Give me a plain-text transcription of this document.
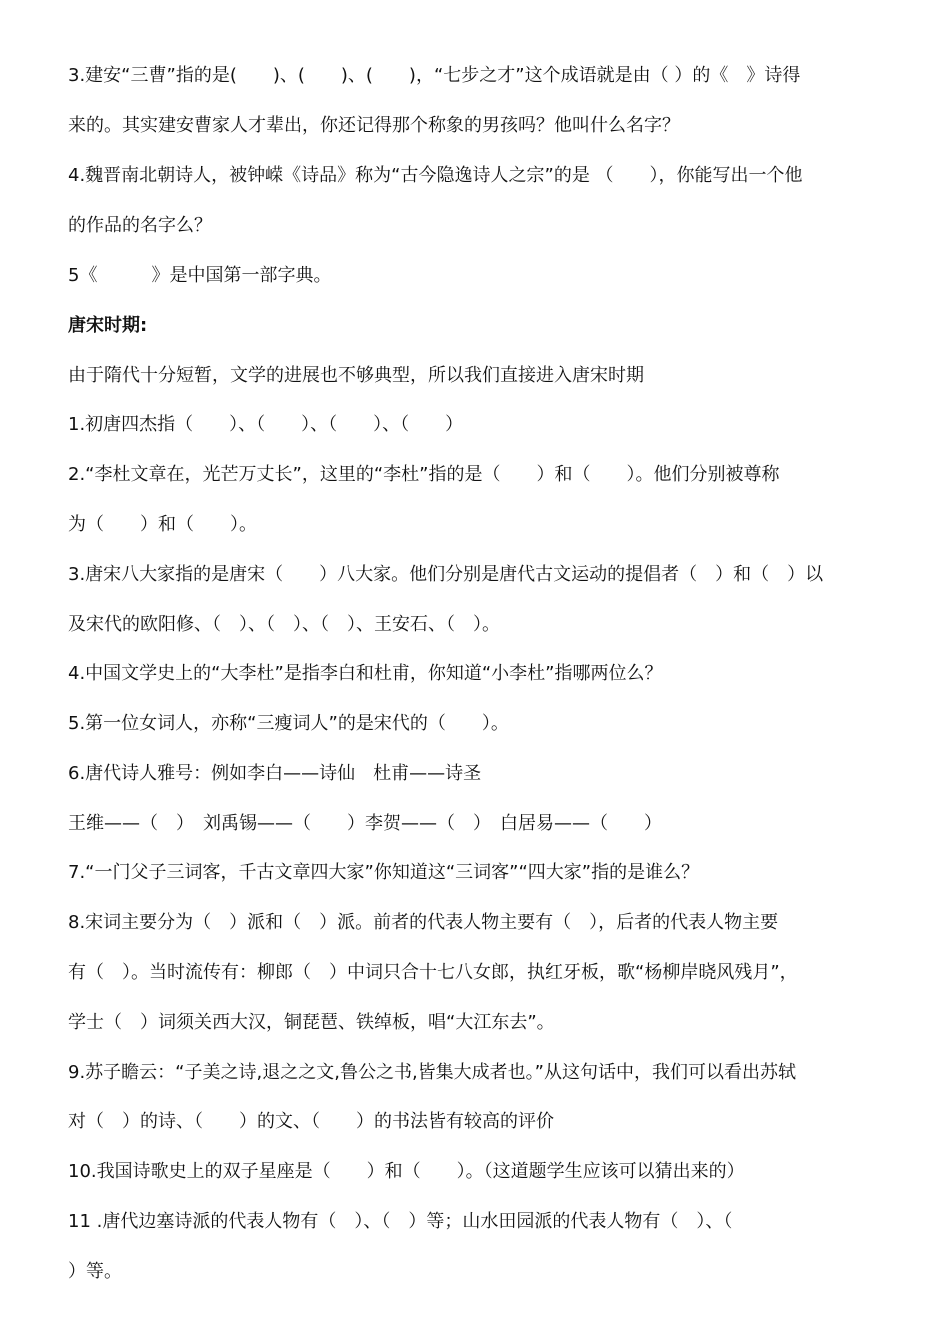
3.建安“三曹”指的是(　　)、(　　)、(　　)，“七步之才”这个成语就是由（ ）的《　》诗得

来的。其实建安曹家人才辈出，你还记得那个称象的男孩吗？他叫什么名字？

4.魏晋南北朝诗人，被钟嵘《诗品》称为“古今隐逸诗人之宗”的是 （　　），你能写出一个他

的作品的名字么？

5《　　　》是中国第一部字典。

唐宋时期:

由于隋代十分短暂，文学的进展也不够典型，所以我们直接进入唐宋时期

1.初唐四杰指（　　）、（　　）、（　　）、（　　）

2.“李杜文章在，光芒万丈长”，这里的“李杜”指的是（　　）和（　　）。他们分别被尊称

为（　　）和（　　）。

3.唐宋八大家指的是唐宋（　　）八大家。他们分别是唐代古文运动的提倡者（　）和（　）以

及宋代的欧阳修、（　）、（　）、（　）、王安石、（　）。

4.中国文学史上的“大李杜”是指李白和杜甫，你知道“小李杜”指哪两位么？

5.第一位女词人，亦称“三瘦词人”的是宋代的（　　）。

6.唐代诗人雅号：例如李白——诗仙　杜甫——诗圣

王维——（　）　刘禹锡——（　　）李贺——（　）　白居易——（　　）

7.“一门父子三词客，千古文章四大家”你知道这“三词客”“四大家”指的是谁么？

8.宋词主要分为（　）派和（　）派。前者的代表人物主要有（　），后者的代表人物主要

有（　）。当时流传有：柳郎（　）中词只合十七八女郎，执红牙板，歌“杨柳岸晓风残月”，

学士（　）词须关西大汉，铜琵琶、铁绰板，唱“大江东去”。

9.苏子瞻云：“子美之诗,退之之文,鲁公之书,皆集大成者也。”从这句话中，我们可以看出苏轼

对（　）的诗、（　　）的文、（　　）的书法皆有较高的评价

10.我国诗歌史上的双子星座是（　　）和（　　）。（这道题学生应该可以猜出来的）

11 .唐代边塞诗派的代表人物有（　）、（　）等；山水田园派的代表人物有（　）、（

）等。
